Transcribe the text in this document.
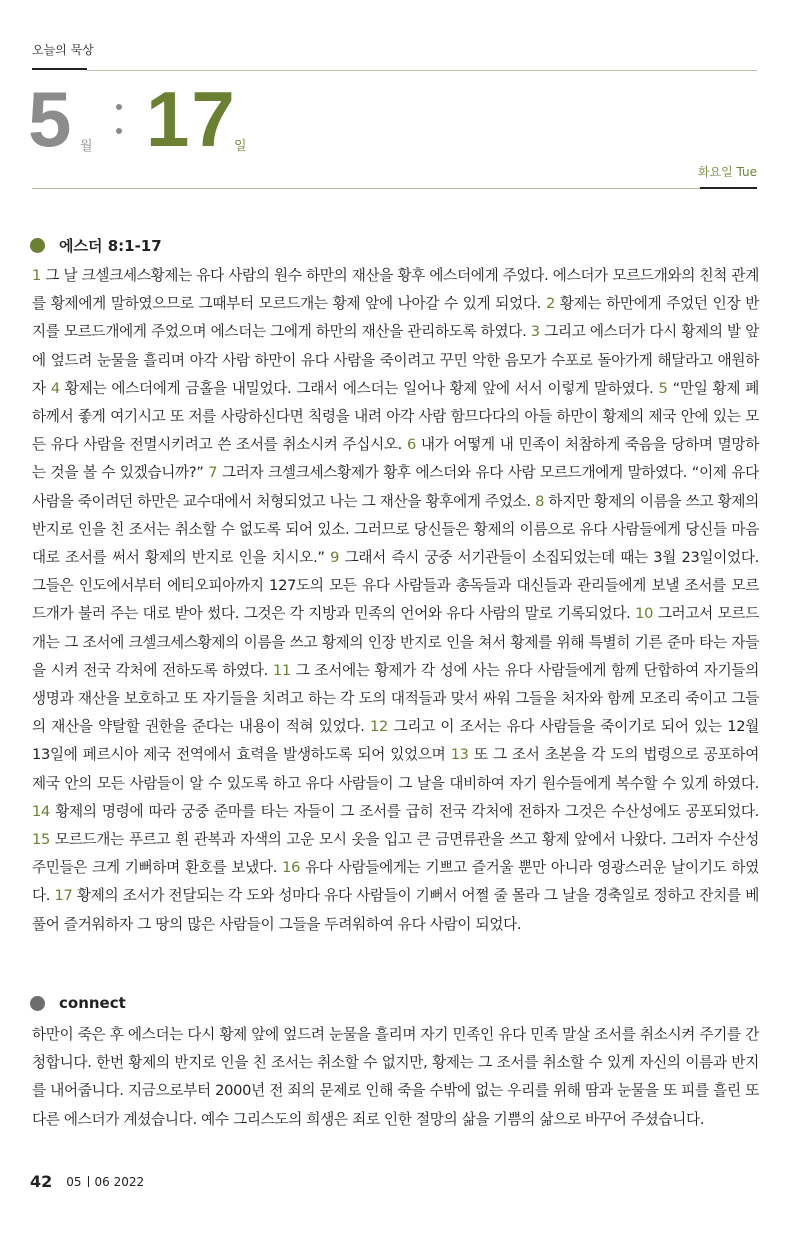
오늘의 묵상
5 월 17
일
화요일 Tue
에스더 8:1-17
1 그 날 크셀크세스황제는 유다 사람의 원수 하만의 재산을 황후 에스더에게 주었다. 에스더가 모르드개와의 친척 관계를 황제에게 말하였으므로 그때부터 모르드개는 황제 앞에 나아갈 수 있게 되었다. 2 황제는 하만에게 주었던 인장 반지를 모르드개에게 주었으며 에스더는 그에게 하만의 재산을 관리하도록 하였다. 3 그리고 에스더가 다시 황제의 발 앞에 엎드려 눈물을 흘리며 아각 사람 하만이 유다 사람을 죽이려고 꾸민 악한 음모가 수포로 돌아가게 해달라고 애원하자 4 황제는 에스더에게 금홀을 내밀었다. 그래서 에스더는 일어나 황제 앞에 서서 이렇게 말하였다. 5 “만일 황제 폐하께서 좋게 여기시고 또 저를 사랑하신다면 칙령을 내려 아각 사람 함므다다의 아들 하만이 황제의 제국 안에 있는 모든 유다 사람을 전멸시키려고 쓴 조서를 취소시켜 주십시오. 6 내가 어떻게 내 민족이 처참하게 죽음을 당하며 멸망하는 것을 볼 수 있겠습니까?” 7 그러자 크셀크세스황제가 황후 에스더와 유다 사람 모르드개에게 말하였다. “이제 유다 사람을 죽이려던 하만은 교수대에서 처형되었고 나는 그 재산을 황후에게 주었소. 8 하지만 황제의 이름을 쓰고 황제의 반지로 인을 친 조서는 취소할 수 없도록 되어 있소. 그러므로 당신들은 황제의 이름으로 유다 사람들에게 당신들 마음대로 조서를 써서 황제의 반지로 인을 치시오.” 9 그래서 즉시 궁중 서기관들이 소집되었는데 때는 3월 23일이었다. 그들은 인도에서부터 에티오피아까지 127도의 모든 유다 사람들과 총독들과 대신들과 관리들에게 보낼 조서를 모르드개가 불러 주는 대로 받아 썼다. 그것은 각 지방과 민족의 언어와 유다 사람의 말로 기록되었다. 10 그러고서 모르드개는 그 조서에 크셀크세스황제의 이름을 쓰고 황제의 인장 반지로 인을 쳐서 황제를 위해 특별히 기른 준마 타는 자들을 시켜 전국 각처에 전하도록 하였다. 11 그 조서에는 황제가 각 성에 사는 유다 사람들에게 함께 단합하여 자기들의 생명과 재산을 보호하고 또 자기들을 치려고 하는 각 도의 대적들과 맞서 싸워 그들을 처자와 함께 모조리 죽이고 그들의 재산을 약탈할 권한을 준다는 내용이 적혀 있었다. 12 그리고 이 조서는 유다 사람들을 죽이기로 되어 있는 12월 13일에 페르시아 제국 전역에서 효력을 발생하도록 되어 있었으며 13 또 그 조서 초본을 각 도의 법령으로 공포하여 제국 안의 모든 사람들이 알 수 있도록 하고 유다 사람들이 그 날을 대비하여 자기 원수들에게 복수할 수 있게 하였다. 14 황제의 명령에 따라 궁중 준마를 타는 자들이 그 조서를 급히 전국 각처에 전하자 그것은 수산성에도 공포되었다. 15 모르드개는 푸르고 흰 관복과 자색의 고운 모시 옷을 입고 큰 금면류관을 쓰고 황제 앞에서 나왔다. 그러자 수산성 주민들은 크게 기뻐하며 환호를 보냈다. 16 유다 사람들에게는 기쁘고 즐거울 뿐만 아니라 영광스러운 날이기도 하였다. 17 황제의 조서가 전달되는 각 도와 성마다 유다 사람들이 기뻐서 어쩔 줄 몰라 그 날을 경축일로 정하고 잔치를 베풀어 즐거워하자 그 땅의 많은 사람들이 그들을 두려워하여 유다 사람이 되었다.
connect
하만이 죽은 후 에스더는 다시 황제 앞에 엎드려 눈물을 흘리며 자기 민족인 유다 민족 말살 조서를 취소시켜 주기를 간청합니다. 한번 황제의 반지로 인을 친 조서는 취소할 수 없지만, 황제는 그 조서를 취소할 수 있게 자신의 이름과 반지를 내어줍니다. 지금으로부터 2000년 전 죄의 문제로 인해 죽을 수밖에 없는 우리를 위해 땀과 눈물을 또 피를 흘린 또 다른 에스더가 계셨습니다. 예수 그리스도의 희생은 죄로 인한 절망의 삶을 기쁨의 삶으로 바꾸어 주셨습니다.
42 05 06 2022
